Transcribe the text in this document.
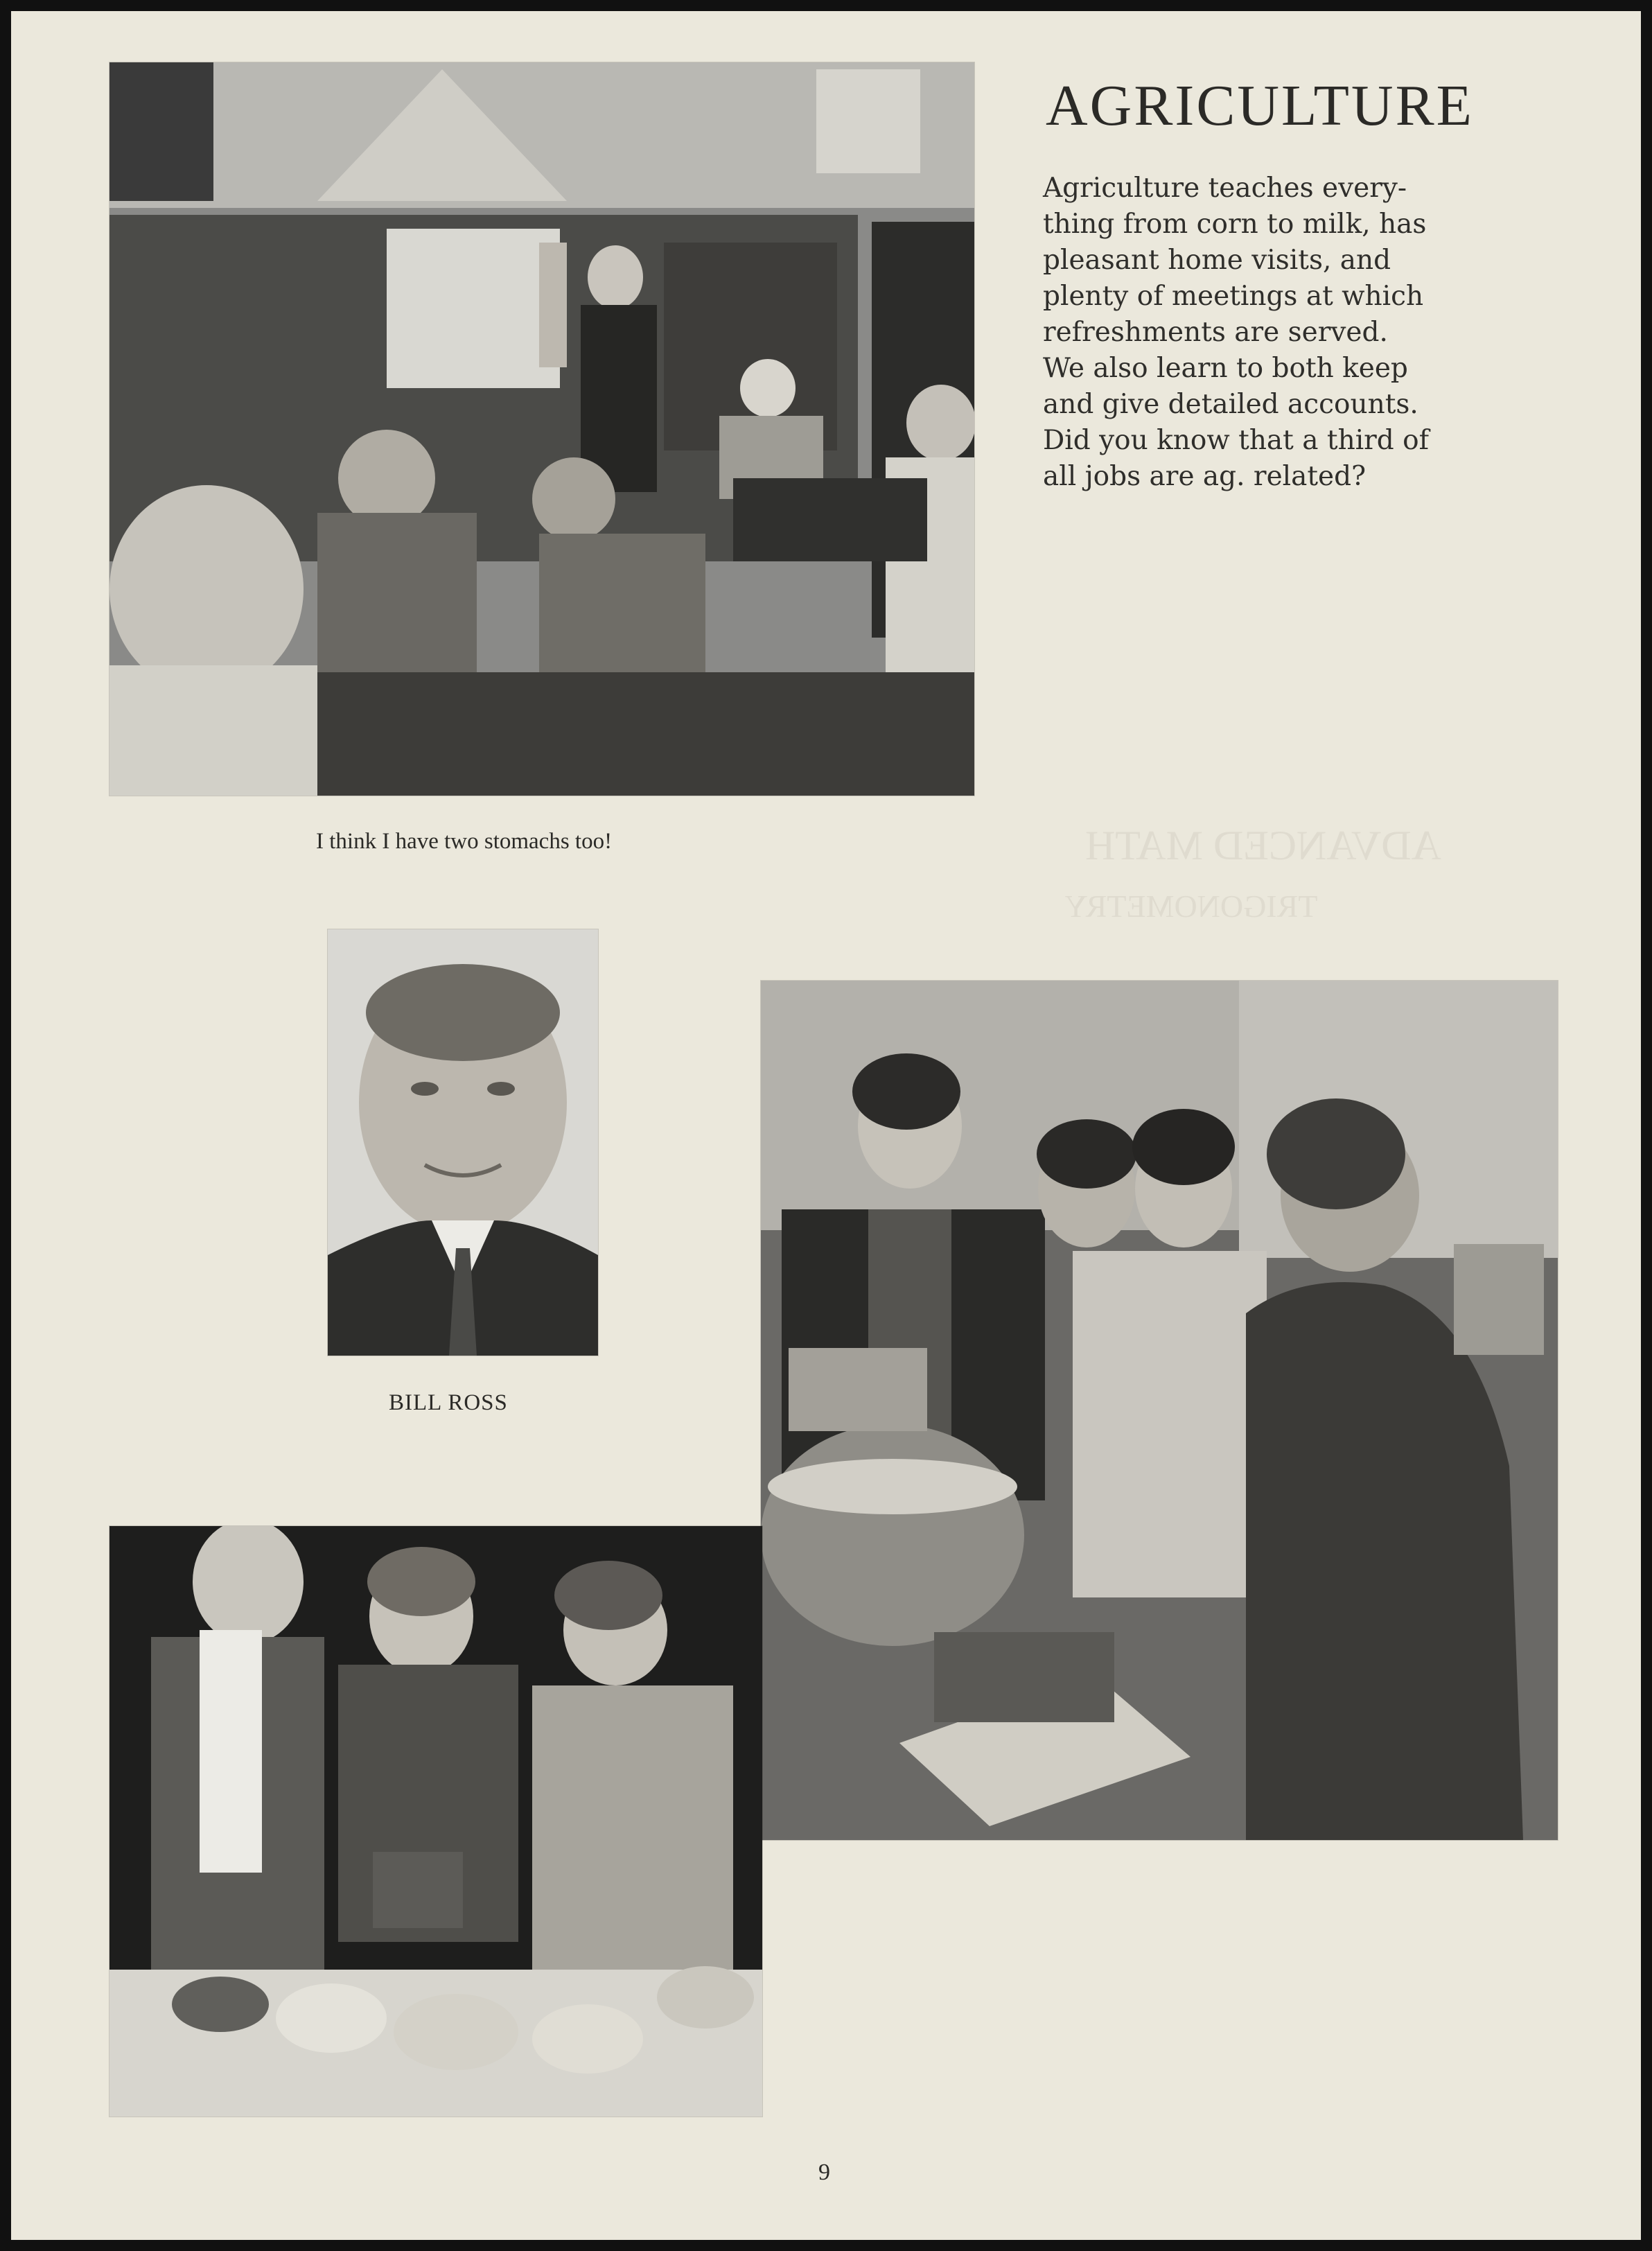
ADVANCED MATH
TRIGONOMETRY
I think I have two stomachs too!
AGRICULTURE
Agriculture teaches every-
thing from corn to milk, has
pleasant home visits, and
plenty of meetings at which
refreshments are served.
We also learn to both keep
and give detailed accounts.
Did you know that a third of
all jobs are ag. related?
BILL ROSS
9
